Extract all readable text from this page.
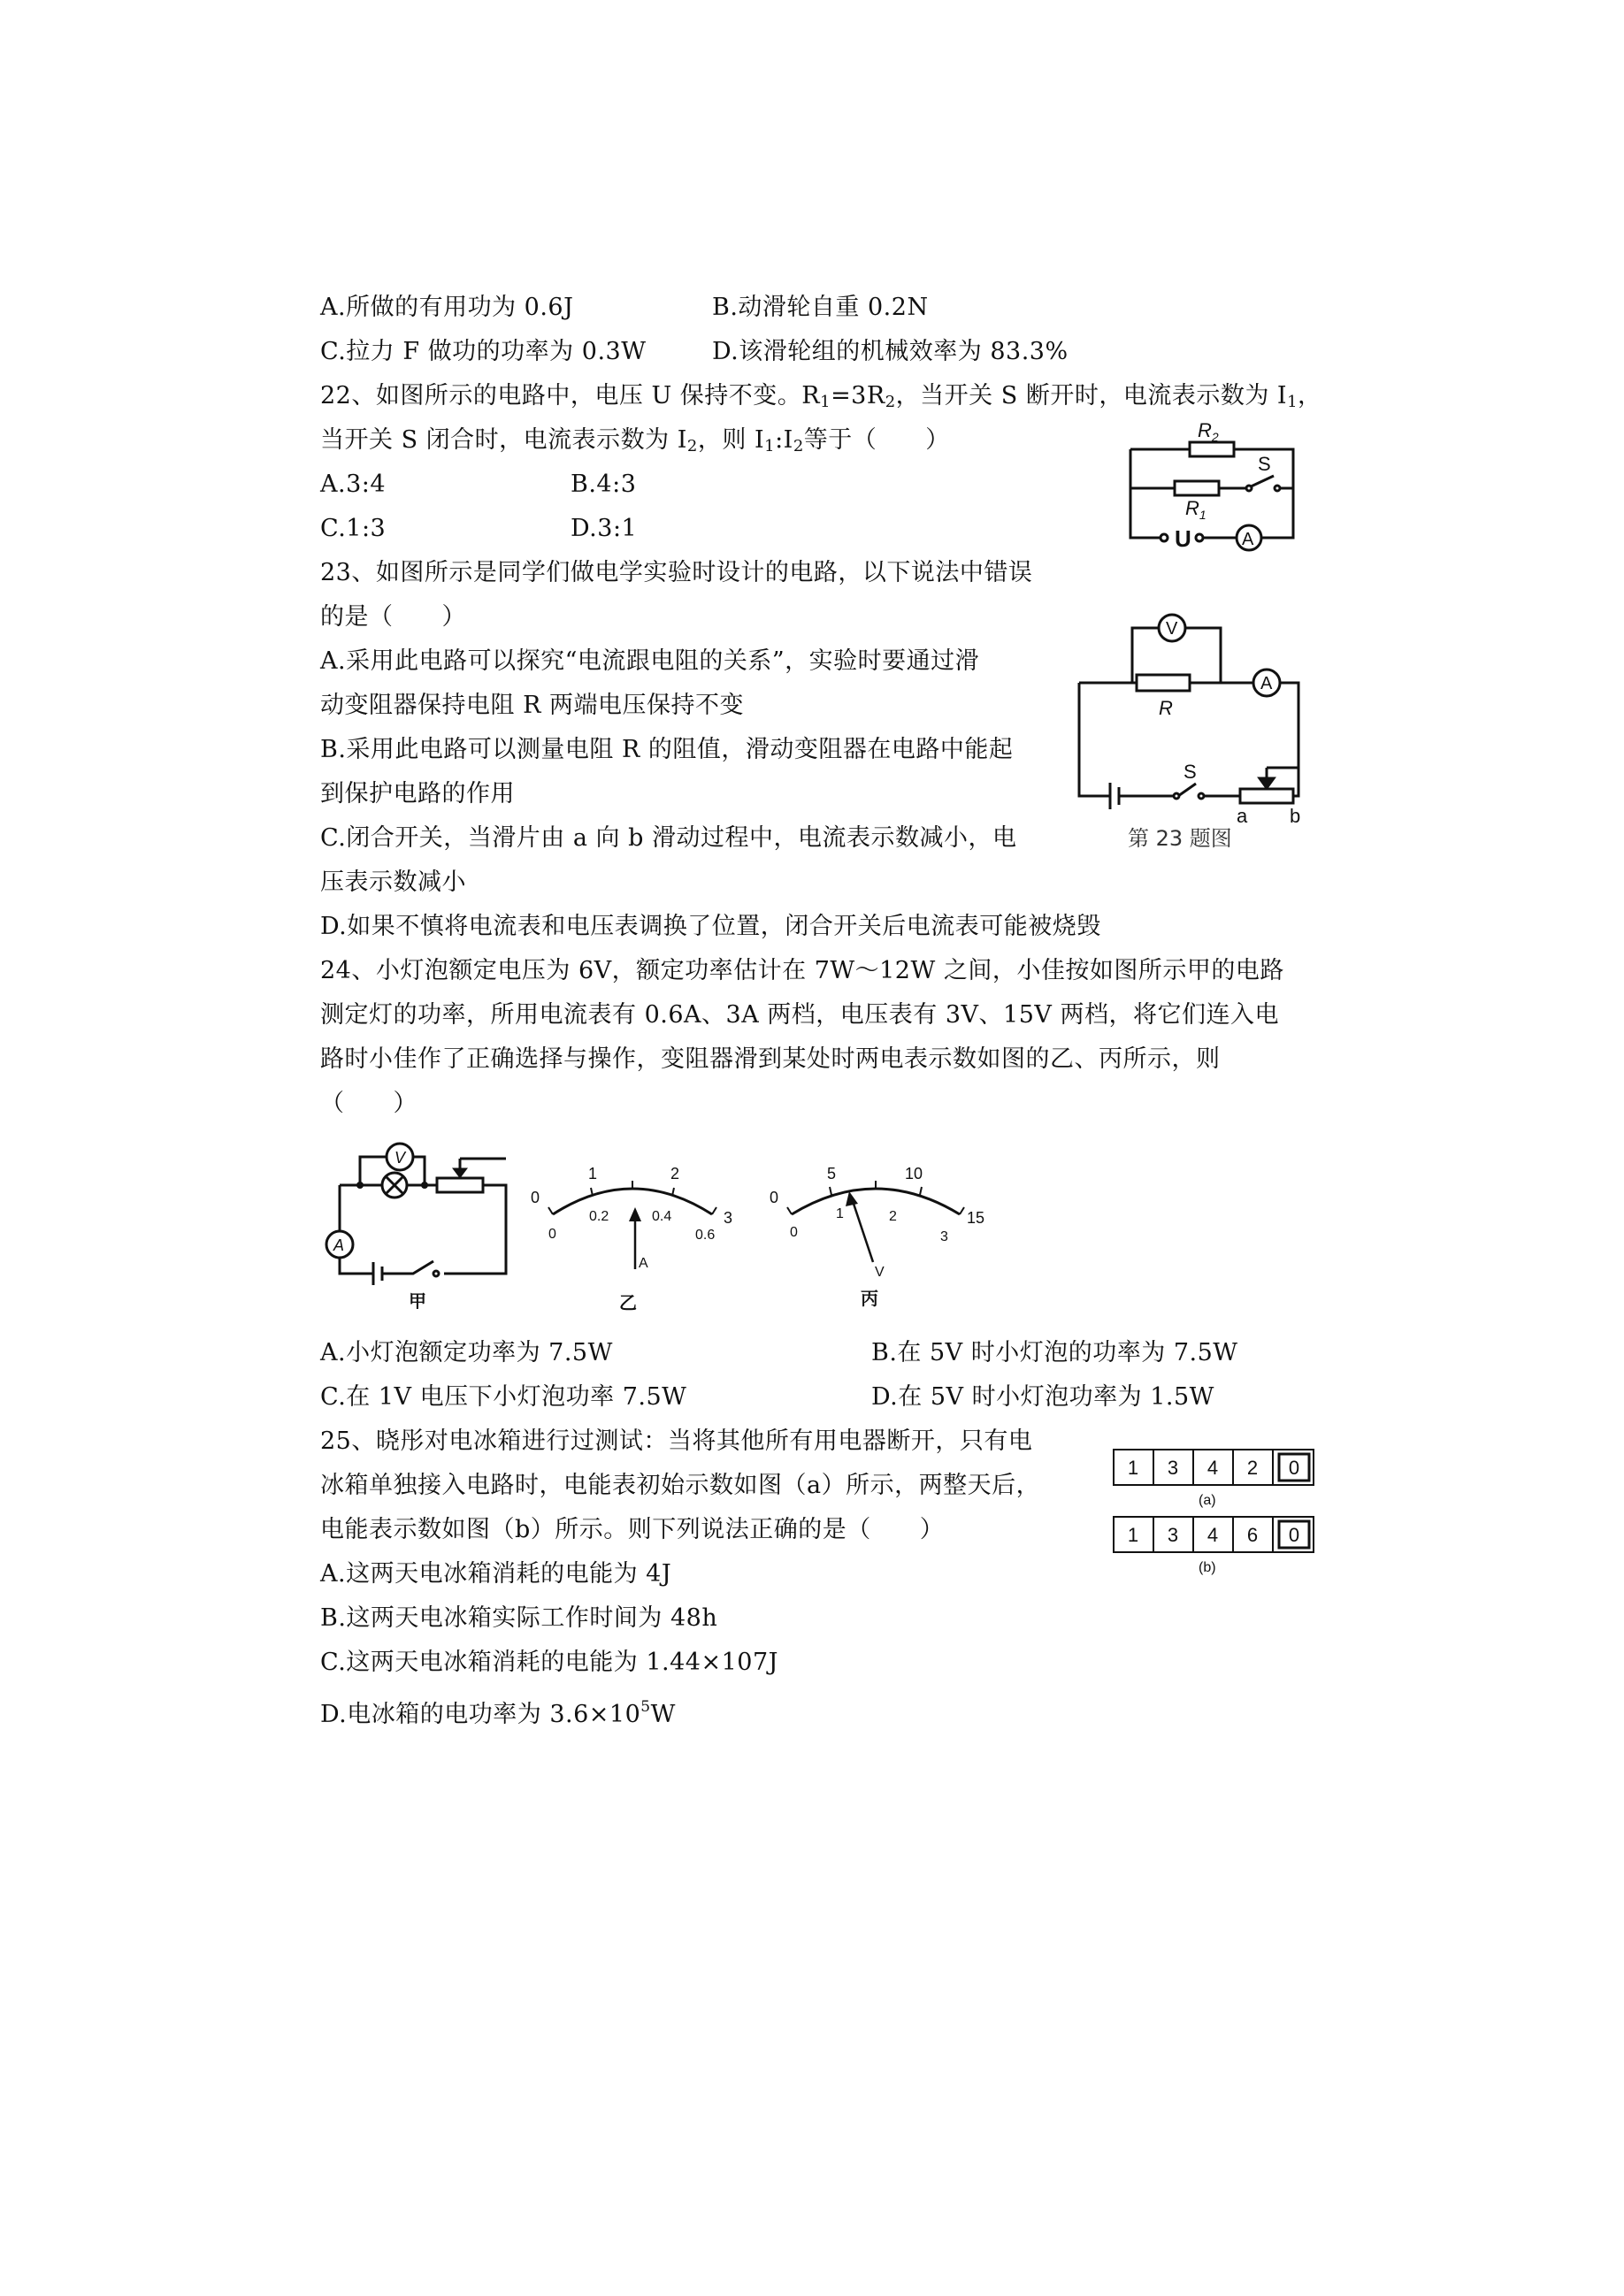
A.所做的有用功为 0.6J	B.动滑轮自重 0.2N
C.拉力 F 做功的功率为 0.3W	D.该滑轮组的机械效率为 83.3%
22、如图所示的电路中，电压 U 保持不变。$R_1=3R_2$，当开关 S 断开时，电流表示数为 $I_1$，
当开关 S 闭合时，电流表示数为 $I_2$，则 $I_1:I_2$等于（　　）
A.3:4	B.4:3
C.1:3	D.3:1
$R_2$
$R_1$
S
U	A
23、如图所示是同学们做电学实验时设计的电路，以下说法中错误
的是（　　）
A.采用此电路可以探究“电流跟电阻的关系”，实验时要通过滑
动变阻器保持电阻 R 两端电压保持不变
B.采用此电路可以测量电阻 R 的阻值，滑动变阻器在电路中能起
到保护电路的作用
C.闭合开关，当滑片由 a 向 b 滑动过程中，电流表示数减小，电
压表示数减小
D.如果不慎将电流表和电压表调换了位置，闭合开关后电流表可能被烧毁
V
A
R
S
a b
第 23 题图
24、小灯泡额定电压为 6V，额定功率估计在 7W～12W 之间，小佳按如图所示甲的电路
测定灯的功率，所用电流表有 0.6A、3A 两档，电压表有 3V、15V 两档，将它们连入电
路时小佳作了正确选择与操作，变阻器滑到某处时两电表示数如图的乙、丙所示，则
（　　）
V
A
甲
0
1	2
3
0
0.2	0.4
0.6
A
乙
0
5	10
15
0
1	2
3
V
丙
A.小灯泡额定功率为 7.5W	B.在 5V 时小灯泡的功率为 7.5W
C.在 1V 电压下小灯泡功率 7.5W	D.在 5V 时小灯泡功率为 1.5W
25、晓彤对电冰箱进行过测试：当将其他所有用电器断开，只有电
冰箱单独接入电路时，电能表初始示数如图（a）所示，两整天后，
电能表示数如图（b）所示。则下列说法正确的是（　　）
A.这两天电冰箱消耗的电能为 4J
B.这两天电冰箱实际工作时间为 48h
C.这两天电冰箱消耗的电能为 1.44×107J
D.电冰箱的电功率为 $3.6\times 10^5W$
1 3 4 2 0
1 3 4 6 0
(a)
(b)
